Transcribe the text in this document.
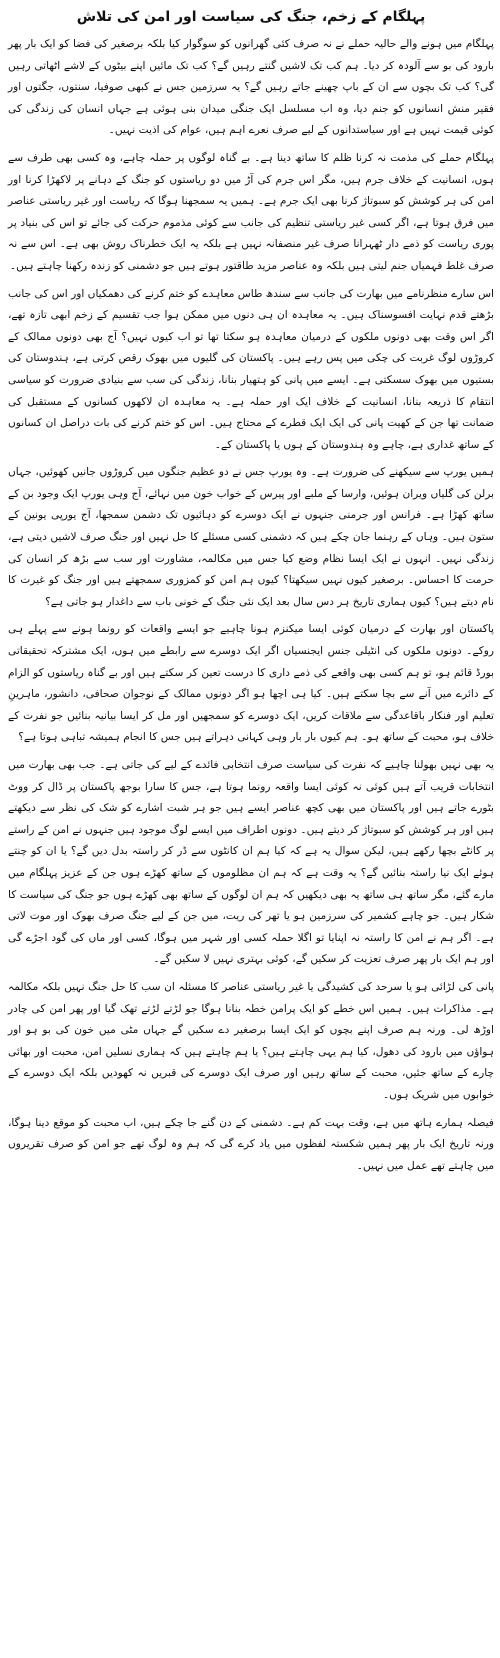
پہلگام کے زخم، جنگ کی سیاست اور امن کی تلاش

پہلگام میں ہونے والے حالیہ حملے نے نہ صرف کئی گھرانوں کو سوگوار کیا بلکہ برصغیر کی فضا کو ایک بار پھر بارود کی بو سے آلودہ کر دیا۔ ہم کب تک لاشیں گنتے رہیں گے؟ کب تک مائیں اپنے بیٹوں کے لاشے اٹھاتی رہیں گی؟ کب تک بچوں سے ان کے باپ چھینے جاتے رہیں گے؟ یہ سرزمین جس نے کبھی صوفیا، سنتوں، جگتوں اور فقیر منش انسانوں کو جنم دیا، وہ اب مسلسل ایک جنگی میدان بنی ہوئی ہے جہاں انسان کی زندگی کی کوئی قیمت نہیں ہے اور سیاستدانوں کے لیے صرف نعرے اہم ہیں، عوام کی اذیت نہیں۔

پہلگام حملے کی مذمت نہ کرنا ظلم کا ساتھ دینا ہے۔ بے گناہ لوگوں پر حملہ چاہے، وہ کسی بھی طرف سے ہوں، انسانیت کے خلاف جرم ہیں، مگر اس جرم کی آڑ میں دو ریاستوں کو جنگ کے دہانے پر لاکھڑا کرنا اور امن کی ہر کوشش کو سبوتاژ کرنا بھی ایک جرم ہے۔ ہمیں یہ سمجھنا ہوگا کہ ریاست اور غیر ریاستی عناصر میں فرق ہوتا ہے، اگر کسی غیر ریاستی تنظیم کی جانب سے کوئی مذموم حرکت کی جائے تو اس کی بنیاد پر پوری ریاست کو ذمے دار ٹھہرانا صرف غیر منصفانہ نہیں ہے بلکہ یہ ایک خطرناک روش بھی ہے۔ اس سے نہ صرف غلط فہمیاں جنم لیتی ہیں بلکہ وہ عناصر مزید طاقتور ہوتے ہیں جو دشمنی کو زندہ رکھنا چاہتے ہیں۔

اس سارے منظرنامے میں بھارت کی جانب سے سندھ طاس معاہدے کو ختم کرنے کی دھمکیاں اور اس کی جانب بڑھتے قدم نہایت افسوسناک ہیں۔ یہ معاہدہ ان ہی دنوں میں ممکن ہوا جب تقسیم کے زخم ابھی تازہ تھے، اگر اس وقت بھی دونوں ملکوں کے درمیان معاہدہ ہو سکتا تھا تو اب کیوں نہیں؟ آج بھی دونوں ممالک کے کروڑوں لوگ غربت کی چکی میں پس رہے ہیں۔ پاکستان کی گلیوں میں بھوک رقص کرتی ہے، ہندوستان کی بستیوں میں بھوک سسکتی ہے۔ ایسے میں پانی کو ہتھیار بنانا، زندگی کی سب سے بنیادی ضرورت کو سیاسی انتقام کا ذریعہ بنانا، انسانیت کے خلاف ایک اور حملہ ہے۔ یہ معاہدہ ان لاکھوں کسانوں کے مستقبل کی ضمانت تھا جن کے کھیت پانی کی ایک ایک قطرے کے محتاج ہیں۔ اس کو ختم کرنے کی بات دراصل ان کسانوں کے ساتھ غداری ہے، چاہے وہ ہندوستان کے ہوں یا پاکستان کے۔

ہمیں یورپ سے سیکھنے کی ضرورت ہے۔ وہ یورپ جس نے دو عظیم جنگوں میں کروڑوں جانیں کھوئیں، جہاں برلن کی گلیاں ویران ہوئیں، وارسا کے ملبے اور پیرس کے خواب خون میں نہائے، آج وہی یورپ ایک وجود بن کے ساتھ کھڑا ہے۔ فرانس اور جرمنی جنہوں نے ایک دوسرے کو دہائیوں تک دشمن سمجھا، آج یورپی یونین کے ستون ہیں۔ وہاں کے رہنما جان چکے ہیں کہ دشمنی کسی مسئلے کا حل نہیں اور جنگ صرف لاشیں دیتی ہے، زندگی نہیں۔ انہوں نے ایک ایسا نظام وضع کیا جس میں مکالمہ، مشاورت اور سب سے بڑھ کر انسان کی حرمت کا احساس۔ برصغیر کیوں نہیں سیکھتا؟ کیوں ہم امن کو کمزوری سمجھتے ہیں اور جنگ کو غیرت کا نام دیتے ہیں؟ کیوں ہماری تاریخ ہر دس سال بعد ایک نئی جنگ کے خونی باب سے داغدار ہو جاتی ہے؟

پاکستان اور بھارت کے درمیان کوئی ایسا میکنزم ہونا چاہیے جو ایسے واقعات کو رونما ہونے سے پہلے ہی روکے۔ دونوں ملکوں کی انٹیلی جنس ایجنسیاں اگر ایک دوسرے سے رابطے میں ہوں، ایک مشترکہ تحقیقاتی بورڈ قائم ہو، تو ہم کسی بھی واقعے کی ذمے داری کا درست تعین کر سکتے ہیں اور بے گناہ ریاستوں کو الزام کے دائرے میں آنے سے بچا سکتے ہیں۔ کیا ہی اچھا ہو اگر دونوں ممالک کے نوجوان صحافی، دانشور، ماہرینِ تعلیم اور فنکار باقاعدگی سے ملاقات کریں، ایک دوسرے کو سمجھیں اور مل کر ایسا بیانیہ بنائیں جو نفرت کے خلاف ہو، محبت کے ساتھ ہو۔ ہم کیوں بار بار وہی کہانی دہراتے ہیں جس کا انجام ہمیشہ تباہی ہوتا ہے؟

یہ بھی نہیں بھولنا چاہیے کہ نفرت کی سیاست صرف انتخابی فائدے کے لیے کی جاتی ہے۔ جب بھی بھارت میں انتخابات قریب آتے ہیں کوئی نہ کوئی ایسا واقعہ رونما ہوتا ہے، جس کا سارا بوجھ پاکستان پر ڈال کر ووٹ بٹورے جاتے ہیں اور پاکستان میں بھی کچھ عناصر ایسے ہیں جو ہر شبت اشارے کو شک کی نظر سے دیکھتے ہیں اور ہر کوشش کو سبوتاژ کر دیتے ہیں۔ دونوں اطراف میں ایسے لوگ موجود ہیں جنہوں نے امن کے راستے پر کانٹے بچھا رکھے ہیں، لیکن سوال یہ ہے کہ کیا ہم ان کانٹوں سے ڈر کر راستہ بدل دیں گے؟ یا ان کو چنتے ہوئے ایک نیا راستہ بنائیں گے؟ یہ وقت ہے کہ ہم ان مظلوموں کے ساتھ کھڑے ہوں جن کے عزیز پہلگام میں مارے گئے، مگر ساتھ ہی ساتھ یہ بھی دیکھیں کہ ہم ان لوگوں کے ساتھ بھی کھڑے ہوں جو جنگ کی سیاست کا شکار ہیں۔ جو چاہے کشمیر کی سرزمین ہو یا تھر کی ریت، میں جن کے لیے جنگ صرف بھوک اور موت لاتی ہے۔ اگر ہم نے امن کا راستہ نہ اپنایا تو اگلا حملہ کسی اور شہر میں ہوگا، کسی اور ماں کی گود اجڑے گی اور ہم ایک بار پھر صرف تعزیت کر سکیں گے، کوئی بہتری نہیں لا سکیں گے۔

پانی کی لڑائی ہو یا سرحد کی کشیدگی یا غیر ریاستی عناصر کا مسئلہ ان سب کا حل جنگ نہیں بلکہ مکالمہ ہے۔ مذاکرات ہیں۔ ہمیں اس خطے کو ایک پرامن خطہ بنانا ہوگا جو لڑتے لڑتے تھک گیا اور پھر امن کی چادر اوڑھ لی۔ ورنہ ہم صرف اپنے بچوں کو ایک ایسا برصغیر دے سکیں گے جہاں مٹی میں خون کی بو ہو اور ہواؤں میں بارود کی دھول، کیا ہم یہی چاہتے ہیں؟ یا ہم چاہتے ہیں کہ ہماری نسلیں امن، محبت اور بھائی چارے کے ساتھ جئیں، محبت کے ساتھ رہیں اور صرف ایک دوسرے کی قبریں نہ کھودیں بلکہ ایک دوسرے کے خوابوں میں شریک ہوں۔

فیصلہ ہمارے ہاتھ میں ہے، وقت بہت کم ہے۔ دشمنی کے دن گنے جا چکے ہیں، اب محبت کو موقع دینا ہوگا، ورنہ تاریخ ایک بار پھر ہمیں شکستہ لفظوں میں یاد کرے گی کہ ہم وہ لوگ تھے جو امن کو صرف تقریروں میں چاہتے تھے عمل میں نہیں۔
